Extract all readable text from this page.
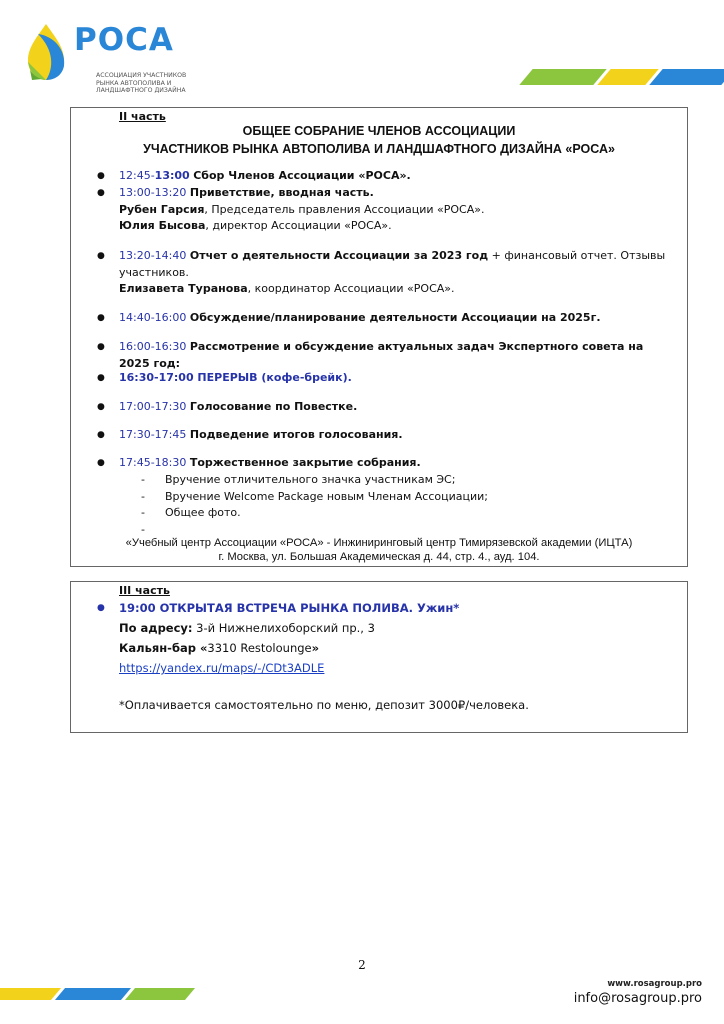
РОСА
АССОЦИАЦИЯ УЧАСТНИКОВ
РЫНКА АВТОПОЛИВА И
ЛАНДШАФТНОГО ДИЗАЙНА
II часть
ОБЩЕЕ СОБРАНИЕ ЧЛЕНОВ АССОЦИАЦИИ
УЧАСТНИКОВ РЫНКА АВТОПОЛИВА И ЛАНДШАФТНОГО ДИЗАЙНА «РОСА»
● 12:45-13:00 Сбор Членов Ассоциации «РОСА».
● 13:00-13:20 Приветствие, вводная часть.
Рубен Гарсия, Председатель правления Ассоциации «РОСА».
Юлия Бысова, директор Ассоциации «РОСА».
● 13:20-14:40 Отчет о деятельности Ассоциации за 2023 год + финансовый отчет. Отзывы участников.
Елизавета Туранова, координатор Ассоциации «РОСА».
● 14:40-16:00 Обсуждение/планирование деятельности Ассоциации на 2025г.
● 16:00-16:30 Рассмотрение и обсуждение актуальных задач Экспертного совета на 2025 год:
● 16:30-17:00 ПЕРЕРЫВ (кофе-брейк).
● 17:00-17:30 Голосование по Повестке.
● 17:30-17:45 Подведение итогов голосования.
● 17:45-18:30 Торжественное закрытие собрания.
- Вручение отличительного значка участникам ЭС;
- Вручение Welcome Package новым Членам Ассоциации;
- Общее фото.
«Учебный центр Ассоциации «РОСА» - Инжиниринговый центр Тимирязевской академии (ИЦТА)
г. Москва, ул. Большая Академическая д. 44, стр. 4., ауд. 104.
III часть
● 19:00 ОТКРЫТАЯ ВСТРЕЧА РЫНКА ПОЛИВА. Ужин*
По адресу: 3-й Нижнелихоборский пр., 3
Кальян-бар «3310 Restolounge»
https://yandex.ru/maps/-/CDt3ADLE
*Оплачивается самостоятельно по меню, депозит 3000₽/человека.
2
www.rosagroup.pro
info@rosagroup.pro
